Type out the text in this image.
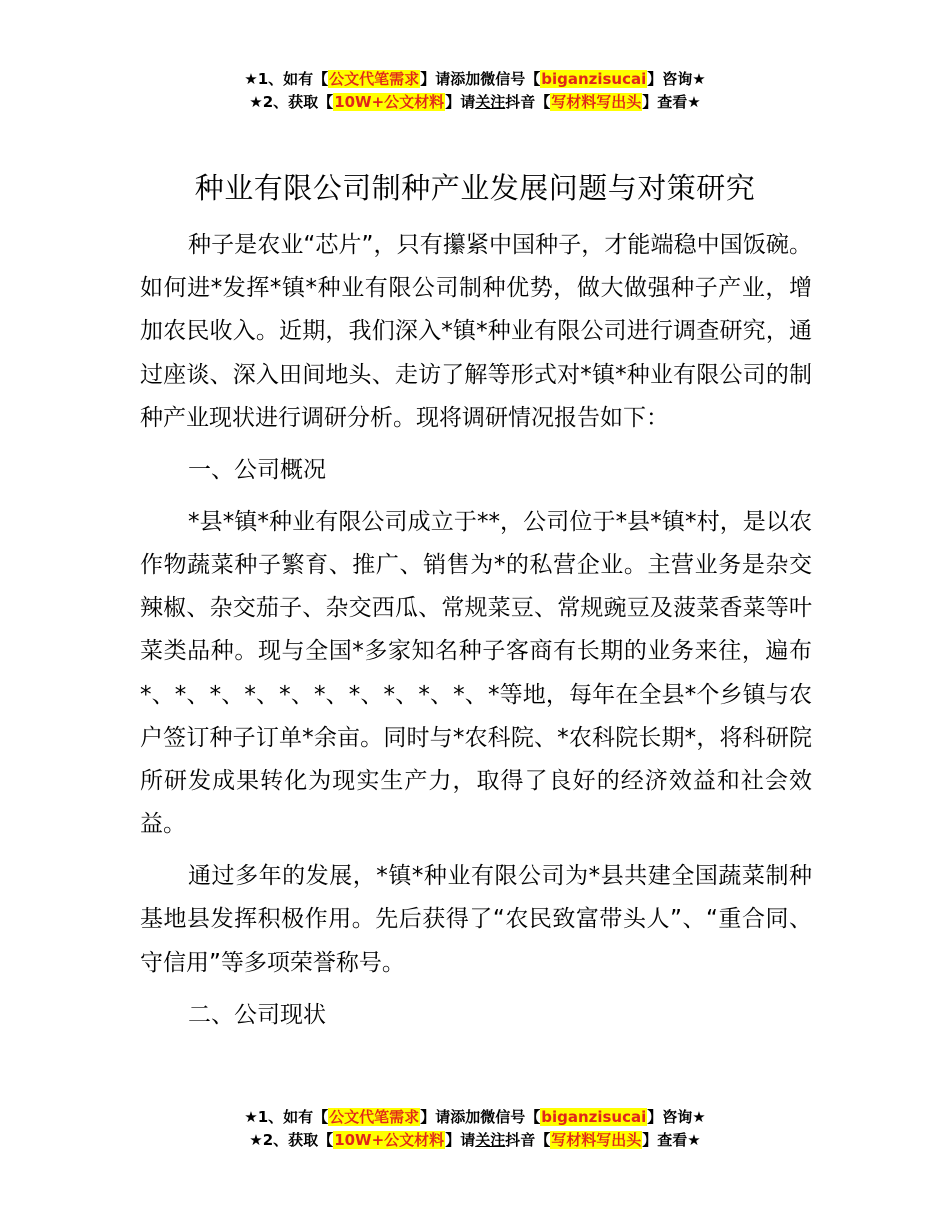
★1、如有【公文代笔需求】请添加微信号【biganzisucai】咨询★
★2、获取【10W+公文材料】请关注抖音【写材料写出头】查看★
种业有限公司制种产业发展问题与对策研究

种子是农业“芯片”，只有攥紧中国种子，才能端稳中国饭碗。如何进*发挥*镇*种业有限公司制种优势，做大做强种子产业，增加农民收入。近期，我们深入*镇*种业有限公司进行调查研究，通过座谈、深入田间地头、走访了解等形式对*镇*种业有限公司的制种产业现状进行调研分析。现将调研情况报告如下：

一、公司概况

*县*镇*种业有限公司成立于**，公司位于*县*镇*村，是以农作物蔬菜种子繁育、推广、销售为*的私营企业。主营业务是杂交辣椒、杂交茄子、杂交西瓜、常规菜豆、常规豌豆及菠菜香菜等叶菜类品种。现与全国*多家知名种子客商有长期的业务来往，遍布*、*、*、*、*、*、*、*、*、*、*等地，每年在全县*个乡镇与农户签订种子订单*余亩。同时与*农科院、*农科院长期*，将科研院所研发成果转化为现实生产力，取得了良好的经济效益和社会效益。

通过多年的发展，*镇*种业有限公司为*县共建全国蔬菜制种基地县发挥积极作用。先后获得了“农民致富带头人”、“重合同、守信用”等多项荣誉称号。

二、公司现状

★1、如有【公文代笔需求】请添加微信号【biganzisucai】咨询★
★2、获取【10W+公文材料】请关注抖音【写材料写出头】查看★
